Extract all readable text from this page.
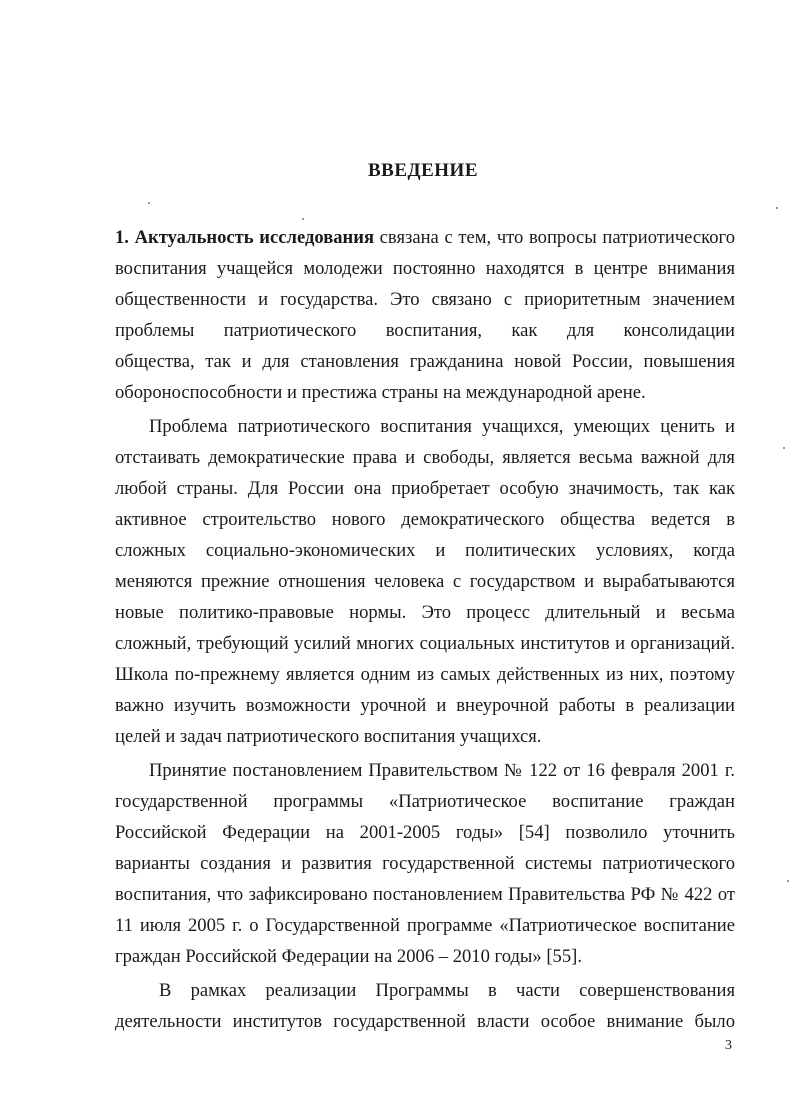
ВВЕДЕНИЕ
1. Актуальность исследования связана с тем, что вопросы патриотического
воспитания учащейся молодежи постоянно находятся в центре внимания
общественности и государства. Это связано с приоритетным значением
проблемы патриотического воспитания, как для консолидации
общества, так и для становления гражданина новой России, повышения
обороноспособности и престижа страны на международной арене.
Проблема патриотического воспитания учащихся, умеющих ценить и
отстаивать демократические права и свободы, является весьма важной для
любой страны. Для России она приобретает особую значимость, так как
активное строительство нового демократического общества ведется в
сложных социально-экономических и политических условиях, когда
меняются прежние отношения человека с государством и вырабатываются
новые политико-правовые нормы. Это процесс длительный и весьма
сложный, требующий усилий многих социальных институтов и организаций.
Школа по-прежнему является одним из самых действенных из них, поэтому
важно изучить возможности урочной и внеурочной работы в реализации
целей и задач патриотического воспитания учащихся.
Принятие постановлением Правительством № 122 от 16 февраля 2001 г.
государственной программы «Патриотическое воспитание граждан
Российской Федерации на 2001-2005 годы» [54] позволило уточнить
варианты создания и развития государственной системы патриотического
воспитания, что зафиксировано постановлением Правительства РФ № 422 от
11 июля 2005 г. о Государственной программе «Патриотическое воспитание
граждан Российской Федерации на 2006 – 2010 годы» [55].
В рамках реализации Программы в части совершенствования
деятельности институтов государственной власти особое внимание было
3
